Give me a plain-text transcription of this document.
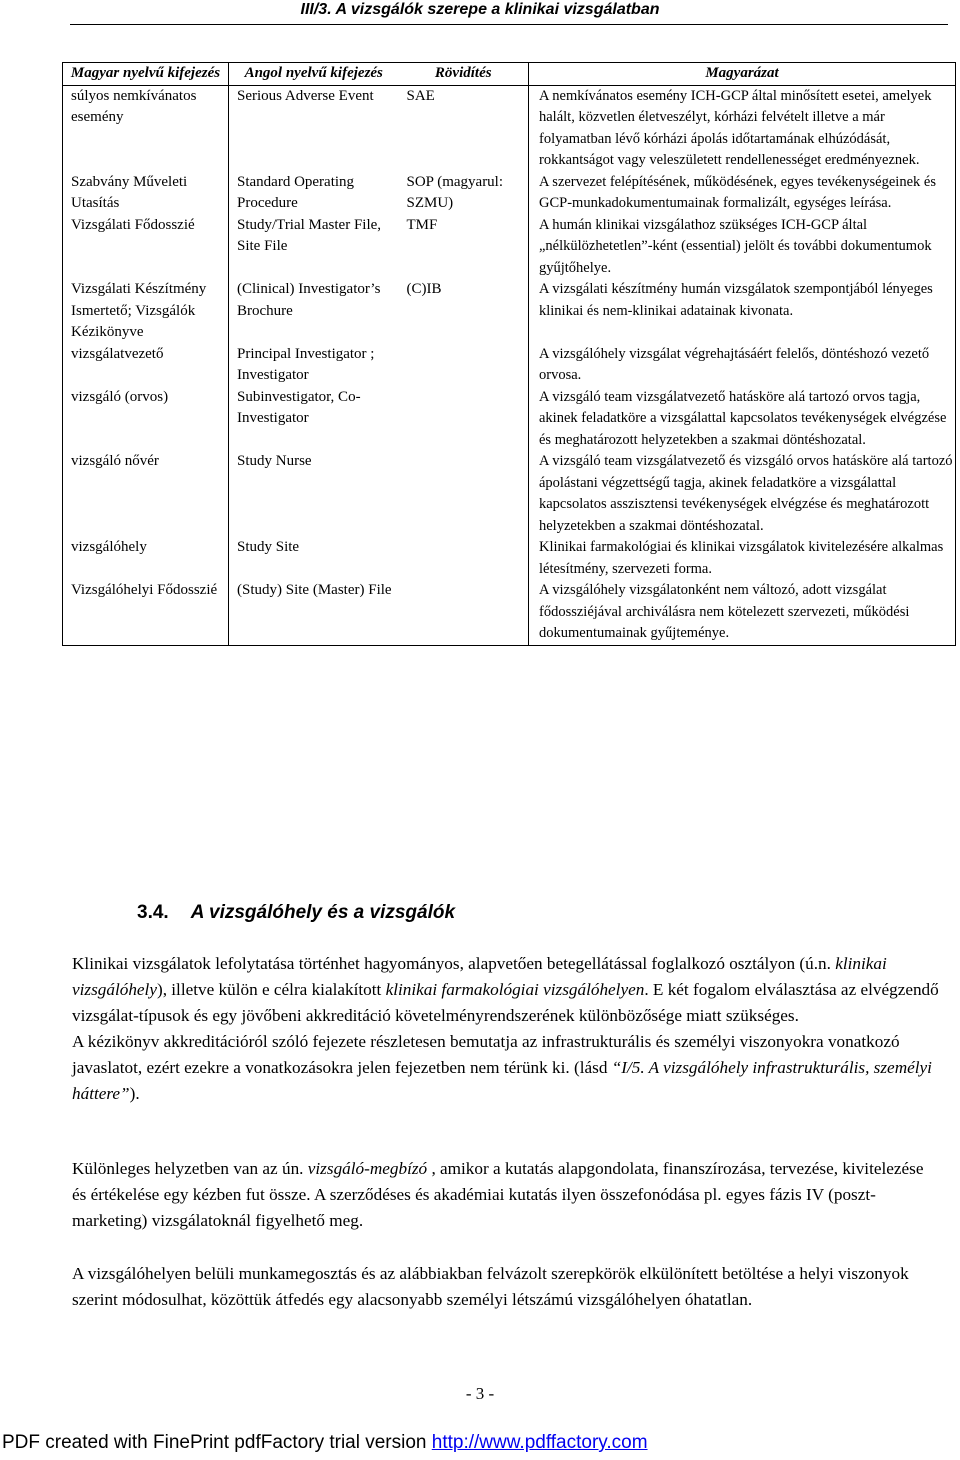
III/3. A vizsgálók szerepe a klinikai vizsgálatban
Magyar nyelvű kifejezés	Angol nyelvű kifejezés	Rövidítés	Magyarázat
súlyos nemkívánatos esemény	Serious Adverse Event	SAE	A nemkívánatos esemény ICH-GCP által minősített esetei, amelyek halált, közvetlen életveszélyt, kórházi felvételt illetve a már folyamatban lévő kórházi ápolás időtartamának elhúzódását, rokkantságot vagy veleszületett rendellenességet eredményeznek.
Szabvány Műveleti Utasítás	Standard Operating Procedure	SOP (magyarul: SZMU)	A szervezet felépítésének, működésének, egyes tevékenységeinek és GCP-munkadokumentumainak formalizált, egységes leírása.
Vizsgálati Fődosszié	Study/Trial Master File, Site File	TMF	A humán klinikai vizsgálathoz szükséges ICH-GCP által „nélkülözhetetlen”-ként (essential) jelölt és további dokumentumok gyűjtőhelye.
Vizsgálati Készítmény Ismertető; Vizsgálók Kézikönyve	(Clinical) Investigator’s Brochure	(C)IB	A vizsgálati készítmény humán vizsgálatok szempontjából lényeges klinikai és nem-klinikai adatainak kivonata.
vizsgálatvezető	Principal Investigator ; Investigator		A vizsgálóhely vizsgálat végrehajtásáért felelős, döntéshozó vezető orvosa.
vizsgáló (orvos)	Subinvestigator, Co-Investigator		A vizsgáló team vizsgálatvezető hatásköre alá tartozó orvos tagja, akinek feladatköre a vizsgálattal kapcsolatos tevékenységek elvégzése és meghatározott helyzetekben a szakmai döntéshozatal.
vizsgáló nővér	Study Nurse		A vizsgáló team vizsgálatvezető és vizsgáló orvos hatásköre alá tartozó ápolástani végzettségű tagja, akinek feladatköre a vizsgálattal kapcsolatos asszisztensi tevékenységek elvégzése és meghatározott helyzetekben a szakmai döntéshozatal.
vizsgálóhely	Study Site		Klinikai farmakológiai és klinikai vizsgálatok kivitelezésére alkalmas létesítmény, szervezeti forma.
Vizsgálóhelyi Fődosszié	(Study) Site (Master) File		A vizsgálóhely vizsgálatonként nem változó, adott vizsgálat fődossziéjával archiválásra nem kötelezett szervezeti, működési dokumentumainak gyűjteménye.
3.4. A vizsgálóhely és a vizsgálók

Klinikai vizsgálatok lefolytatása történhet hagyományos, alapvetően betegellátással foglalkozó osztályon (ú.n. klinikai vizsgálóhely), illetve külön e célra kialakított klinikai farmakológiai vizsgálóhelyen. E két fogalom elválasztása az elvégzendő vizsgálat-típusok és egy jövőbeni akkreditáció követelményrendszerének különbözősége miatt szükséges.

A kézikönyv akkreditációról szóló fejezete részletesen bemutatja az infrastrukturális és személyi viszonyokra vonatkozó javaslatot, ezért ezekre a vonatkozásokra jelen fejezetben nem térünk ki. (lásd “I/5. A vizsgálóhely infrastrukturális, személyi háttere”).

Különleges helyzetben van az ún. vizsgáló-megbízó , amikor a kutatás alapgondolata, finanszírozása, tervezése, kivitelezése és értékelése egy kézben fut össze. A szerződéses és akadémiai kutatás ilyen összefonódása pl. egyes fázis IV (poszt-marketing) vizsgálatoknál figyelhető meg.

A vizsgálóhelyen belüli munkamegosztás és az alábbiakban felvázolt szerepkörök elkülönített betöltése a helyi viszonyok szerint módosulhat, közöttük átfedés egy alacsonyabb személyi létszámú vizsgálóhelyen óhatatlan.

- 3 -
PDF created with FinePrint pdfFactory trial version http://www.pdffactory.com
